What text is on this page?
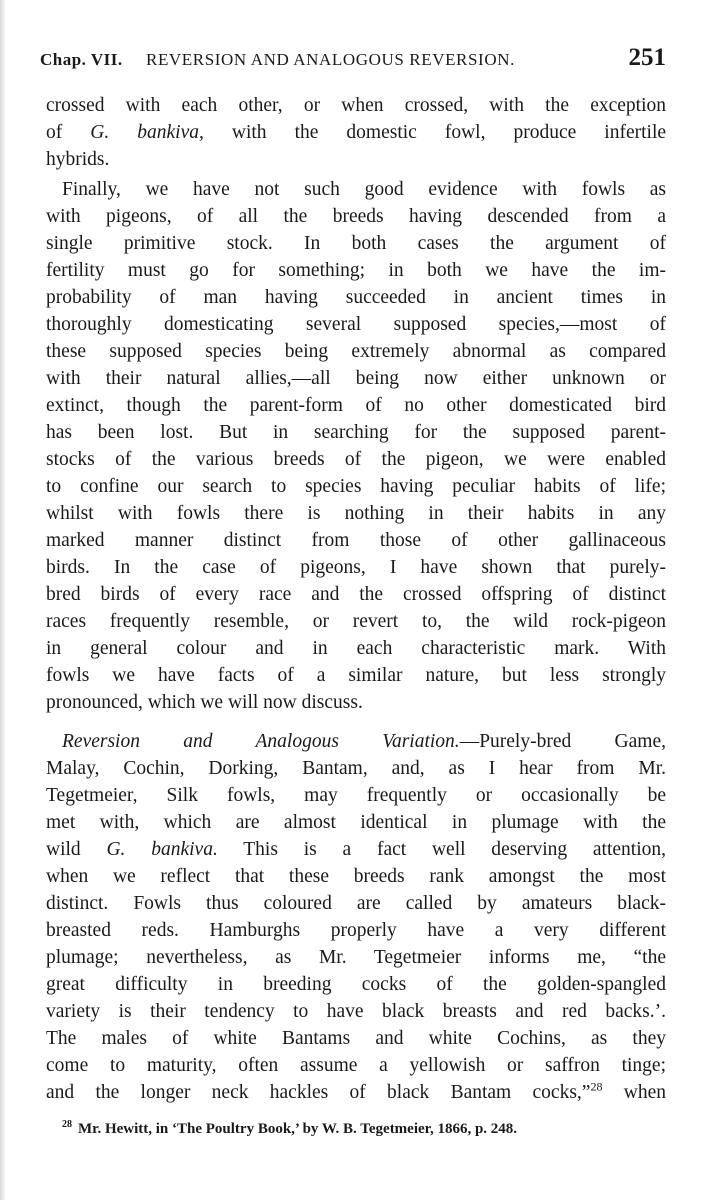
Chap. VII. REVERSION AND ANALOGOUS REVERSION.	251
crossed with each other, or when crossed, with the exception
of G. bankiva, with the domestic fowl, produce infertile
hybrids.
Finally, we have not such good evidence with fowls as
with pigeons, of all the breeds having descended from a
single primitive stock. In both cases the argument of
fertility must go for something; in both we have the im-
probability of man having succeeded in ancient times in
thoroughly domesticating several supposed species,—most of
these supposed species being extremely abnormal as compared
with their natural allies,—all being now either unknown or
extinct, though the parent-form of no other domesticated bird
has been lost. But in searching for the supposed parent-
stocks of the various breeds of the pigeon, we were enabled
to confine our search to species having peculiar habits of life;
whilst with fowls there is nothing in their habits in any
marked manner distinct from those of other gallinaceous
birds. In the case of pigeons, I have shown that purely-
bred birds of every race and the crossed offspring of distinct
races frequently resemble, or revert to, the wild rock-pigeon
in general colour and in each characteristic mark. With
fowls we have facts of a similar nature, but less strongly
pronounced, which we will now discuss.
Reversion and Analogous Variation.—Purely-bred Game,
Malay, Cochin, Dorking, Bantam, and, as I hear from Mr.
Tegetmeier, Silk fowls, may frequently or occasionally be
met with, which are almost identical in plumage with the
wild G. bankiva. This is a fact well deserving attention,
when we reflect that these breeds rank amongst the most
distinct. Fowls thus coloured are called by amateurs black-
breasted reds. Hamburghs properly have a very different
plumage; nevertheless, as Mr. Tegetmeier informs me, “the
great difficulty in breeding cocks of the golden-spangled
variety is their tendency to have black breasts and red backs.’.
The males of white Bantams and white Cochins, as they
come to maturity, often assume a yellowish or saffron tinge;
and the longer neck hackles of black Bantam cocks,”$^{28}$ when
$^{28}$ Mr. Hewitt, in ‘The Poultry Book,’ by W. B. Tegetmeier, 1866, p. 248.
